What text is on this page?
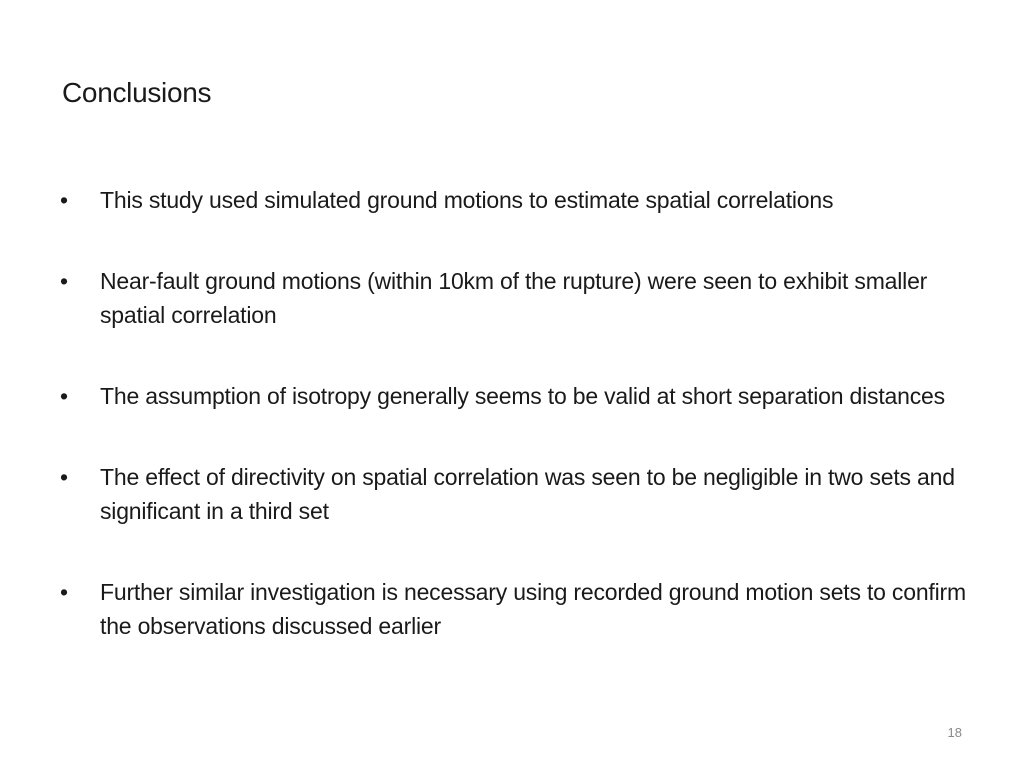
Conclusions
•	This study used simulated ground motions to estimate spatial correlations
•	Near-fault ground motions (within 10km of the rupture) were seen to exhibit smaller spatial correlation
•	The assumption of isotropy generally seems to be valid at short separation distances
•	The effect of directivity on spatial correlation was seen to be negligible in two sets and significant in a third set
•	Further similar investigation is necessary using recorded ground motion sets to confirm the observations discussed earlier
18
